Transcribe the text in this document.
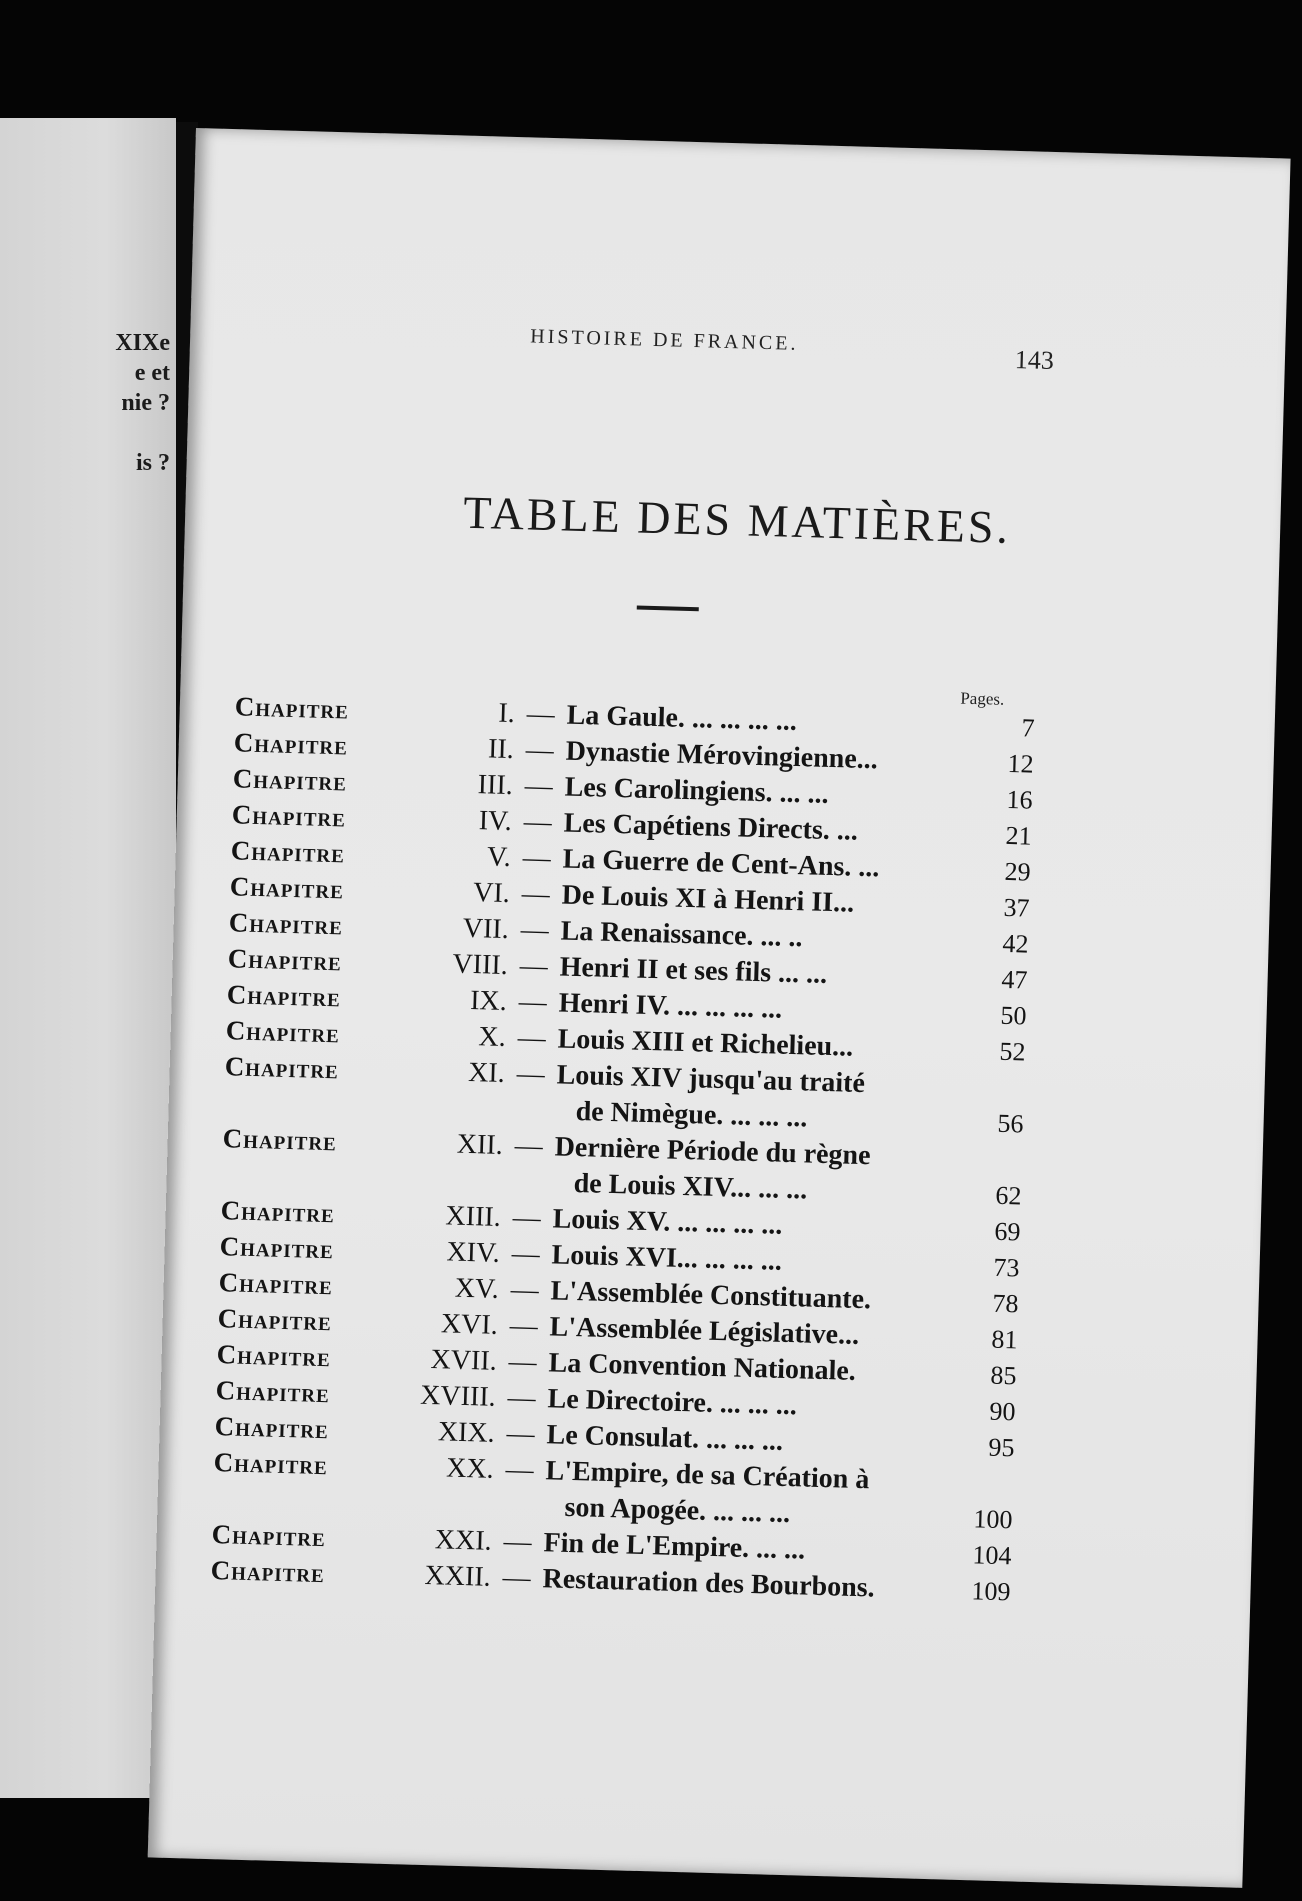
XIXe
e et
nie ?
is ?
HISTOIRE DE FRANCE.
143
TABLE DES MATIÈRES.
Pages.
Chapitre	I. — La Gaule. ... ... ... ...	7
Chapitre	II. — Dynastie Mérovingienne...	12
Chapitre	III. — Les Carolingiens. ... ...	16
Chapitre	IV. — Les Capétiens Directs. ...	21
Chapitre	V. — La Guerre de Cent-Ans. ...	29
Chapitre	VI. — De Louis XI à Henri II...	37
Chapitre	VII. — La Renaissance. ... ..	42
Chapitre	VIII. — Henri II et ses fils ... ...	47
Chapitre	IX. — Henri IV. ... ... ... ...	50
Chapitre	X. — Louis XIII et Richelieu...	52
Chapitre	XI. — Louis XIV jusqu'au traité
de Nimègue. ... ... ...	56
Chapitre	XII. — Dernière Période du règne
de Louis XIV... ... ...	62
Chapitre	XIII. — Louis XV. ... ... ... ...	69
Chapitre	XIV. — Louis XVI... ... ... ...	73
Chapitre	XV. — L'Assemblée Constituante.	78
Chapitre	XVI. — L'Assemblée Législative...	81
Chapitre	XVII. — La Convention Nationale.	85
Chapitre	XVIII. — Le Directoire. ... ... ...	90
Chapitre	XIX. — Le Consulat. ... ... ...	95
Chapitre	XX. — L'Empire, de sa Création à
son Apogée. ... ... ...	100
Chapitre	XXI. — Fin de L'Empire. ... ...	104
Chapitre	XXII. — Restauration des Bourbons.	109
